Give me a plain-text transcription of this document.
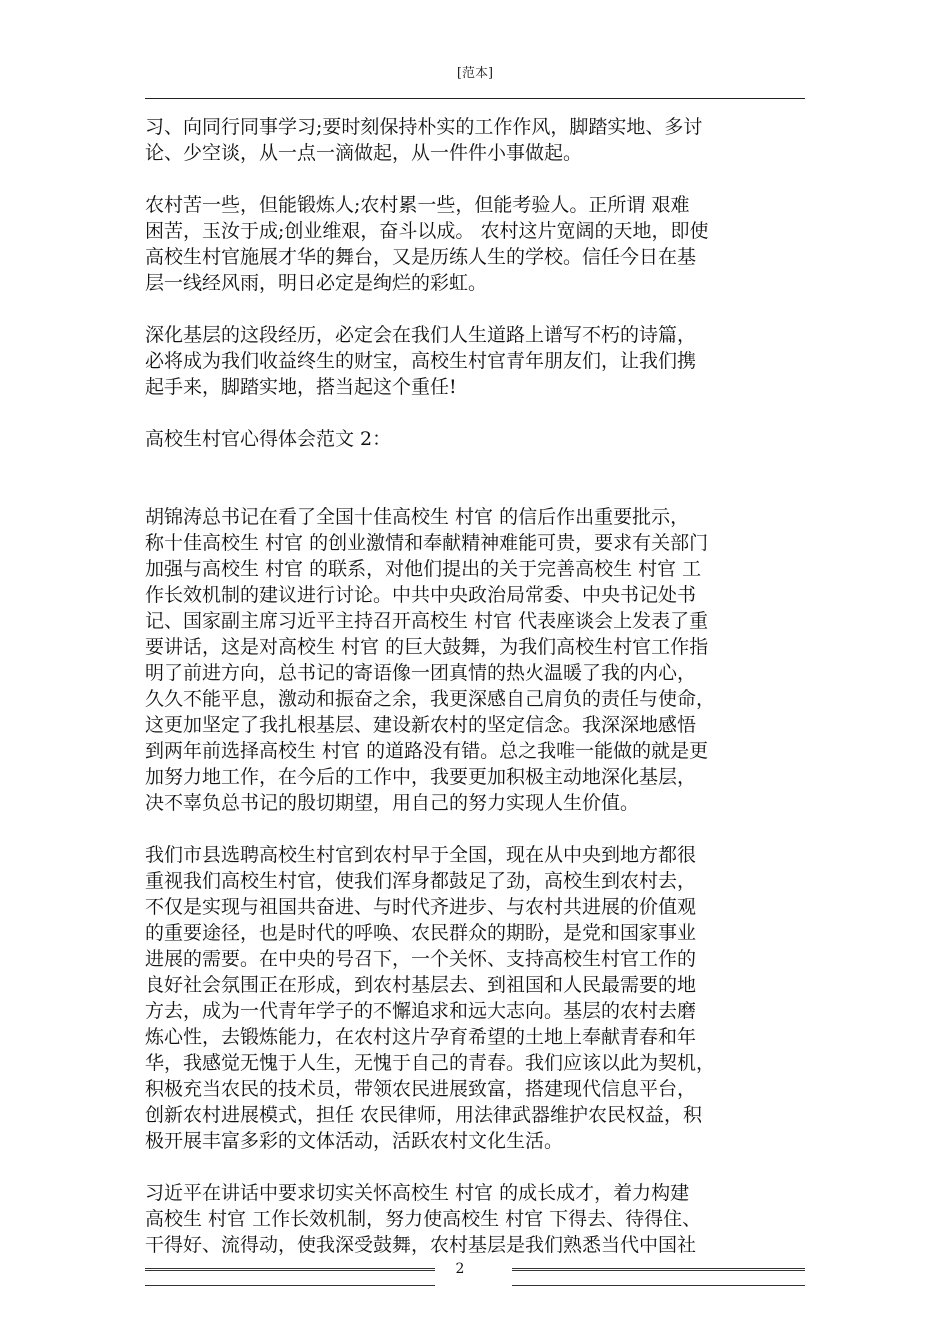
[范本]
习、向同行同事学习;要时刻保持朴实的工作作风，脚踏实地、多讨
论、少空谈，从一点一滴做起，从一件件小事做起。
农村苦一些，但能锻炼人;农村累一些，但能考验人。正所谓 艰难
困苦，玉汝于成;创业维艰，奋斗以成。 农村这片宽阔的天地，即使
高校生村官施展才华的舞台，又是历练人生的学校。信任今日在基
层一线经风雨，明日必定是绚烂的彩虹。
深化基层的这段经历，必定会在我们人生道路上谱写不朽的诗篇，
必将成为我们收益终生的财宝，高校生村官青年朋友们，让我们携
起手来，脚踏实地，搭当起这个重任!
高校生村官心得体会范文 2：
胡锦涛总书记在看了全国十佳高校生 村官 的信后作出重要批示，
称十佳高校生 村官 的创业激情和奉献精神难能可贵，要求有关部门
加强与高校生 村官 的联系，对他们提出的关于完善高校生 村官 工
作长效机制的建议进行讨论。中共中央政治局常委、中央书记处书
记、国家副主席习近平主持召开高校生 村官 代表座谈会上发表了重
要讲话，这是对高校生 村官 的巨大鼓舞，为我们高校生村官工作指
明了前进方向，总书记的寄语像一团真情的热火温暖了我的内心，
久久不能平息，激动和振奋之余，我更深感自己肩负的责任与使命，
这更加坚定了我扎根基层、建设新农村的坚定信念。我深深地感悟
到两年前选择高校生 村官 的道路没有错。总之我唯一能做的就是更
加努力地工作，在今后的工作中，我要更加积极主动地深化基层，
决不辜负总书记的殷切期望，用自己的努力实现人生价值。
我们市县选聘高校生村官到农村早于全国，现在从中央到地方都很
重视我们高校生村官，使我们浑身都鼓足了劲，高校生到农村去，
不仅是实现与祖国共奋进、与时代齐进步、与农村共进展的价值观
的重要途径，也是时代的呼唤、农民群众的期盼，是党和国家事业
进展的需要。在中央的号召下，一个关怀、支持高校生村官工作的
良好社会氛围正在形成，到农村基层去、到祖国和人民最需要的地
方去，成为一代青年学子的不懈追求和远大志向。基层的农村去磨
炼心性，去锻炼能力，在农村这片孕育希望的土地上奉献青春和年
华，我感觉无愧于人生，无愧于自己的青春。我们应该以此为契机，
积极充当农民的技术员，带领农民进展致富，搭建现代信息平台，
创新农村进展模式，担任 农民律师，用法律武器维护农民权益，积
极开展丰富多彩的文体活动，活跃农村文化生活。
习近平在讲话中要求切实关怀高校生 村官 的成长成才，着力构建
高校生 村官 工作长效机制，努力使高校生 村官 下得去、待得住、
干得好、流得动，使我深受鼓舞，农村基层是我们熟悉当代中国社
2
